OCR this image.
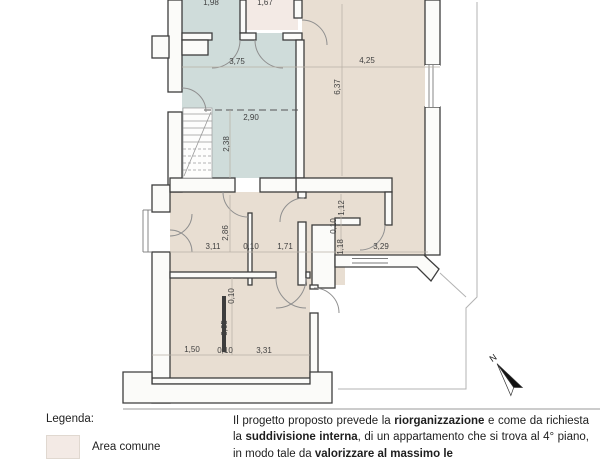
1,98	1,67
3,75	4,25
6,37
2,90
2,38
1,12
0,10
1,18
2,86
3,11	0,10 1,71	3,29
0,10
3,65
1,50 0,10	3,31
N
Legenda:
Area comune
Il progetto proposto prevede la riorganizzazione e come da richiesta la suddivisione interna, di un appartamento che si trova al 4° piano, in modo tale da valorizzare al massimo le
